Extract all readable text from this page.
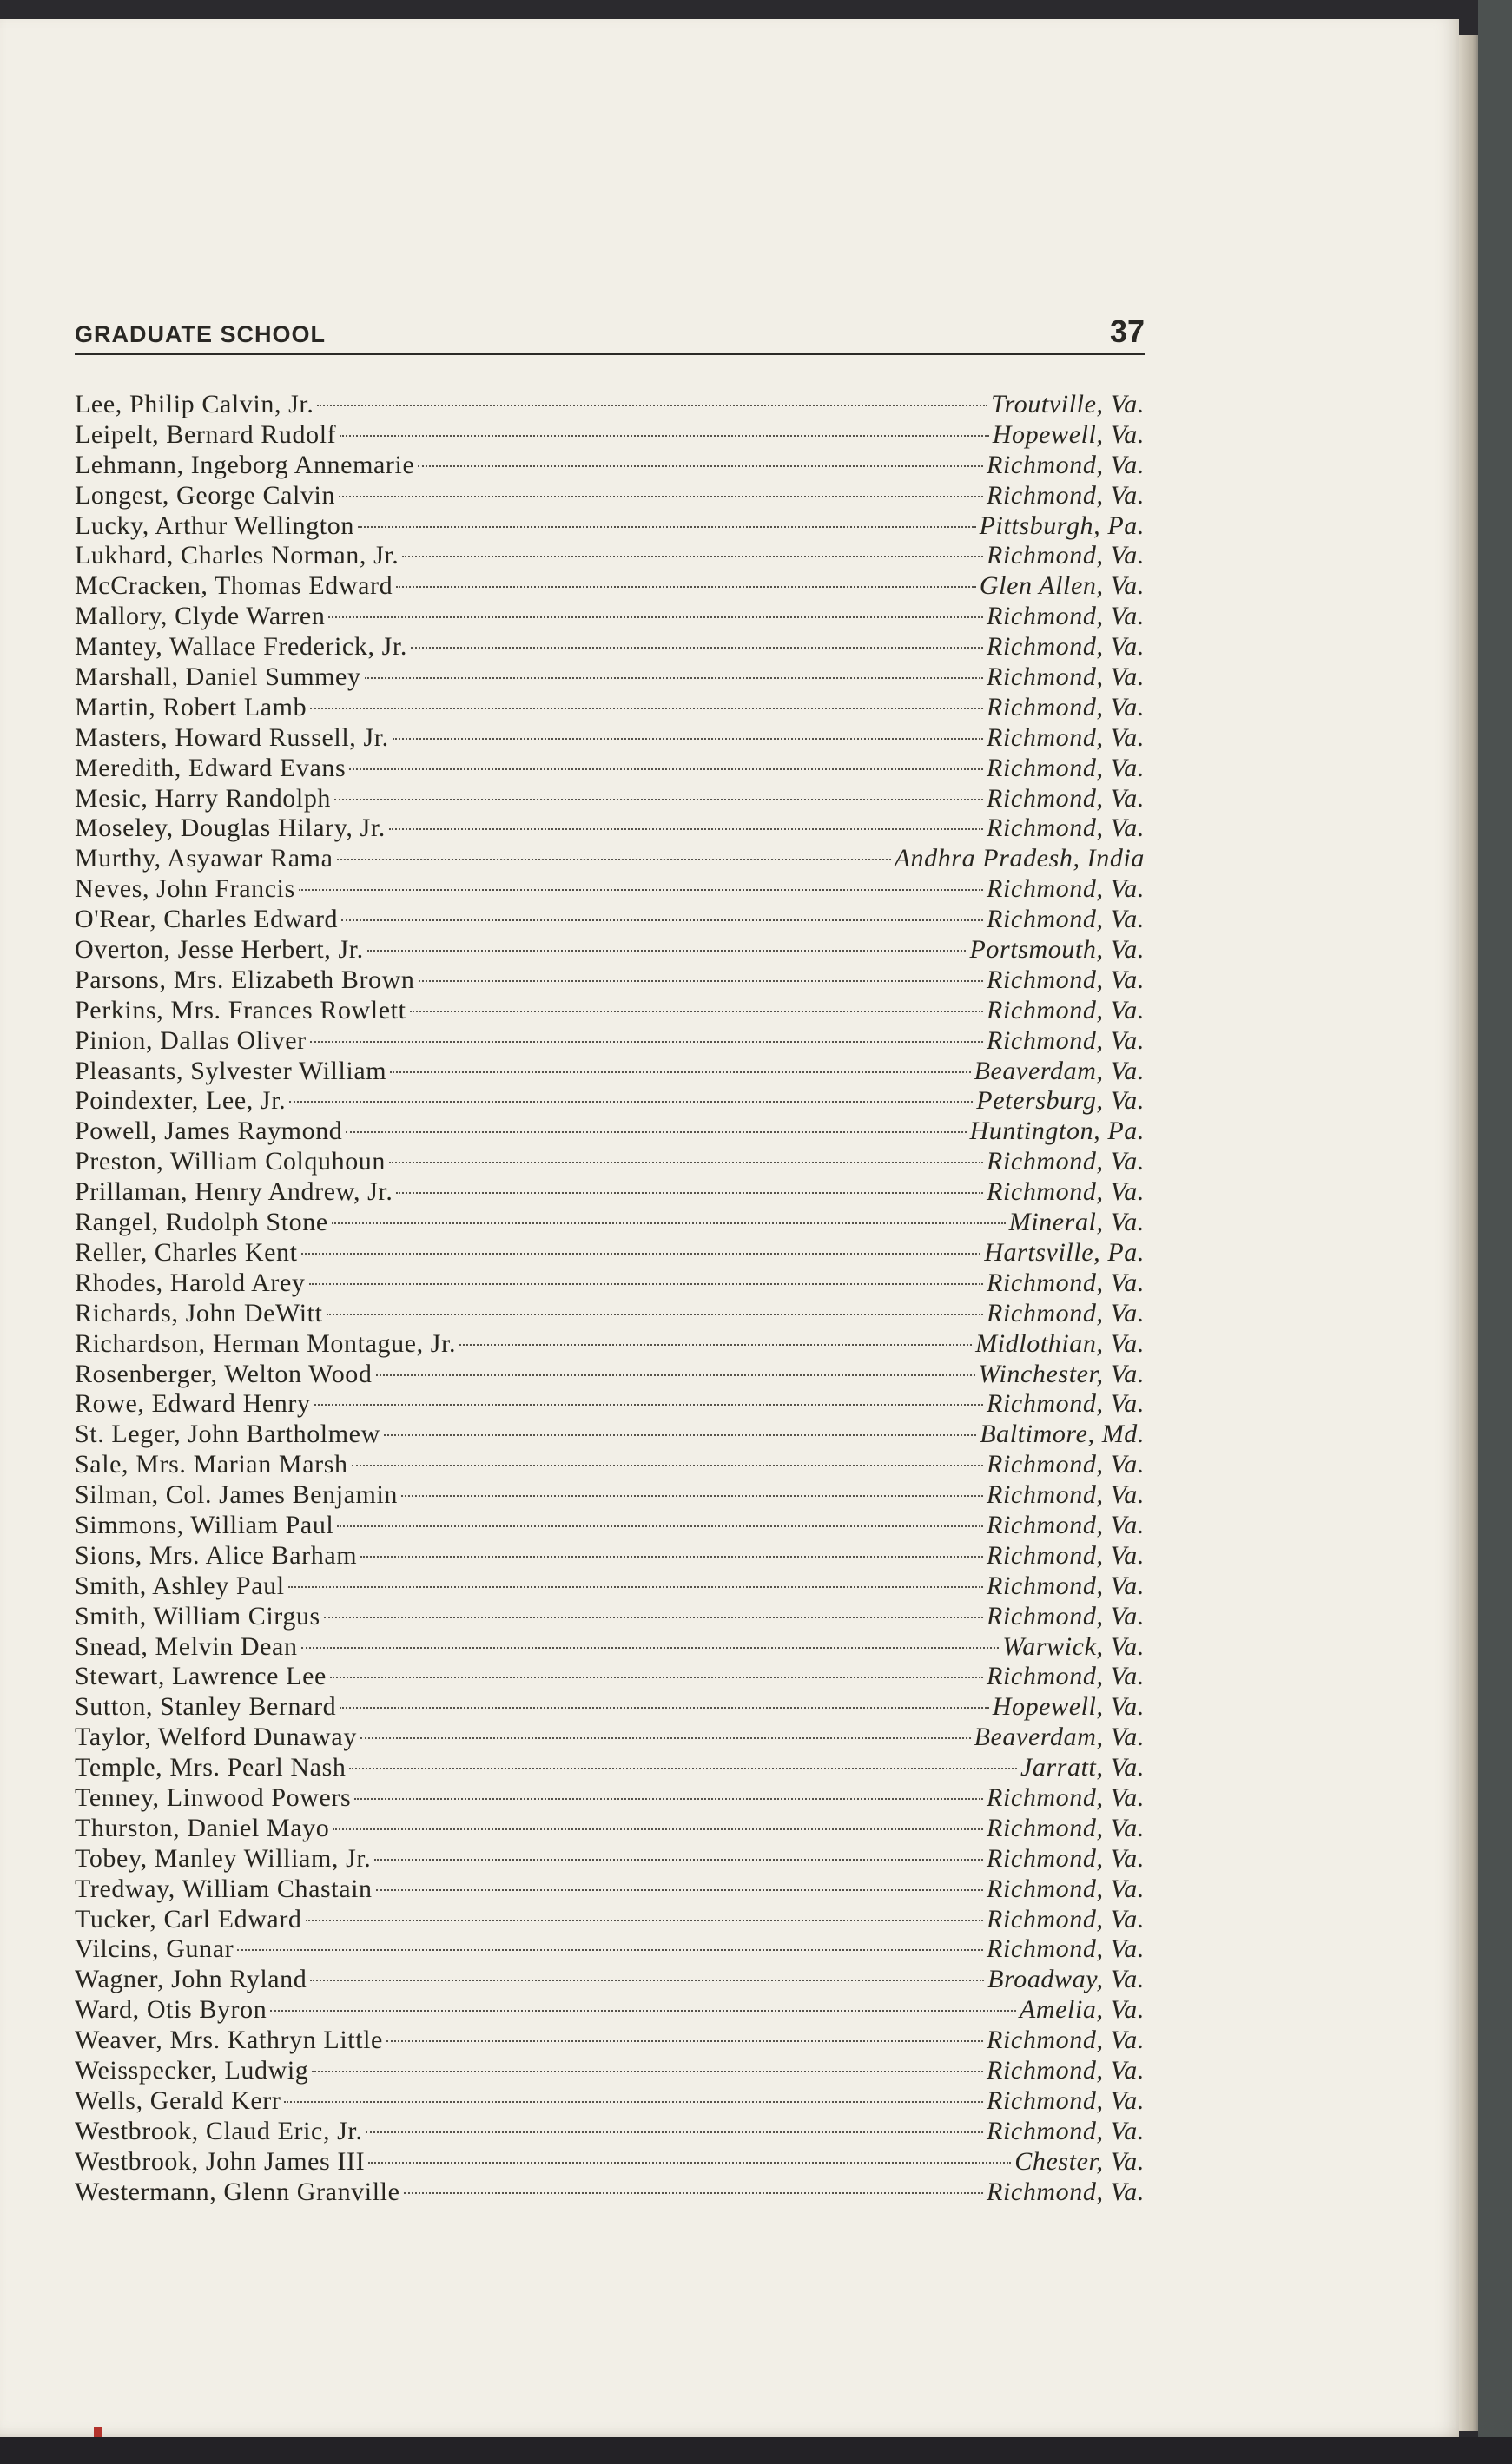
GRADUATE SCHOOL	37
Lee, Philip Calvin, Jr.	Troutville, Va.
Leipelt, Bernard Rudolf	Hopewell, Va.
Lehmann, Ingeborg Annemarie	Richmond, Va.
Longest, George Calvin	Richmond, Va.
Lucky, Arthur Wellington	Pittsburgh, Pa.
Lukhard, Charles Norman, Jr.	Richmond, Va.
McCracken, Thomas Edward	Glen Allen, Va.
Mallory, Clyde Warren	Richmond, Va.
Mantey, Wallace Frederick, Jr.	Richmond, Va.
Marshall, Daniel Summey	Richmond, Va.
Martin, Robert Lamb	Richmond, Va.
Masters, Howard Russell, Jr.	Richmond, Va.
Meredith, Edward Evans	Richmond, Va.
Mesic, Harry Randolph	Richmond, Va.
Moseley, Douglas Hilary, Jr.	Richmond, Va.
Murthy, Asyawar Rama	Andhra Pradesh, India
Neves, John Francis	Richmond, Va.
O'Rear, Charles Edward	Richmond, Va.
Overton, Jesse Herbert, Jr.	Portsmouth, Va.
Parsons, Mrs. Elizabeth Brown	Richmond, Va.
Perkins, Mrs. Frances Rowlett	Richmond, Va.
Pinion, Dallas Oliver	Richmond, Va.
Pleasants, Sylvester William	Beaverdam, Va.
Poindexter, Lee, Jr.	Petersburg, Va.
Powell, James Raymond	Huntington, Pa.
Preston, William Colquhoun	Richmond, Va.
Prillaman, Henry Andrew, Jr.	Richmond, Va.
Rangel, Rudolph Stone	Mineral, Va.
Reller, Charles Kent	Hartsville, Pa.
Rhodes, Harold Arey	Richmond, Va.
Richards, John DeWitt	Richmond, Va.
Richardson, Herman Montague, Jr.	Midlothian, Va.
Rosenberger, Welton Wood	Winchester, Va.
Rowe, Edward Henry	Richmond, Va.
St. Leger, John Bartholmew	Baltimore, Md.
Sale, Mrs. Marian Marsh	Richmond, Va.
Silman, Col. James Benjamin	Richmond, Va.
Simmons, William Paul	Richmond, Va.
Sions, Mrs. Alice Barham	Richmond, Va.
Smith, Ashley Paul	Richmond, Va.
Smith, William Cirgus	Richmond, Va.
Snead, Melvin Dean	Warwick, Va.
Stewart, Lawrence Lee	Richmond, Va.
Sutton, Stanley Bernard	Hopewell, Va.
Taylor, Welford Dunaway	Beaverdam, Va.
Temple, Mrs. Pearl Nash	Jarratt, Va.
Tenney, Linwood Powers	Richmond, Va.
Thurston, Daniel Mayo	Richmond, Va.
Tobey, Manley William, Jr.	Richmond, Va.
Tredway, William Chastain	Richmond, Va.
Tucker, Carl Edward	Richmond, Va.
Vilcins, Gunar	Richmond, Va.
Wagner, John Ryland	Broadway, Va.
Ward, Otis Byron	Amelia, Va.
Weaver, Mrs. Kathryn Little	Richmond, Va.
Weisspecker, Ludwig	Richmond, Va.
Wells, Gerald Kerr	Richmond, Va.
Westbrook, Claud Eric, Jr.	Richmond, Va.
Westbrook, John James III	Chester, Va.
Westermann, Glenn Granville	Richmond, Va.
